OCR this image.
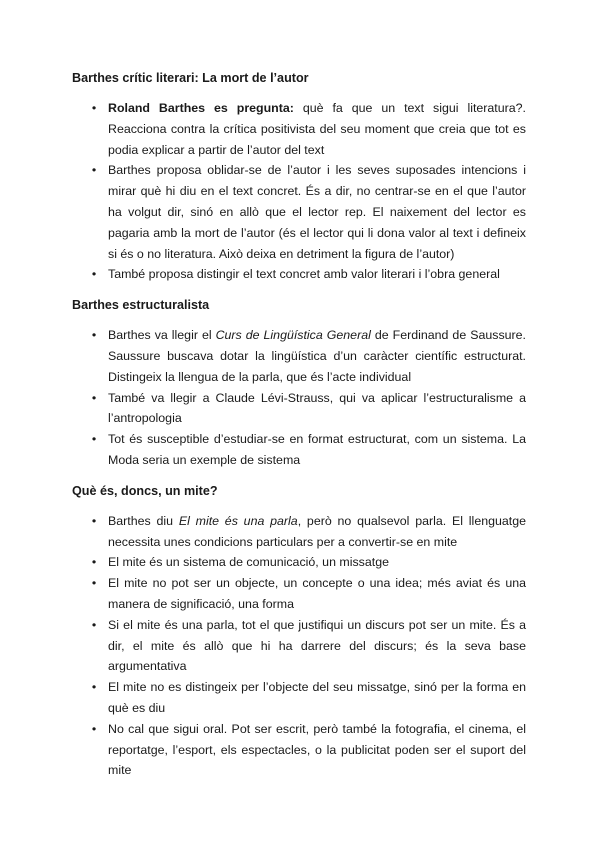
Barthes crític literari: La mort de l’autor
• Roland Barthes es pregunta: què fa que un text sigui literatura?. Reacciona contra la crítica positivista del seu moment que creia que tot es podia explicar a partir de l’autor del text
• Barthes proposa oblidar-se de l’autor i les seves suposades intencions i mirar què hi diu en el text concret. És a dir, no centrar-se en el que l’autor ha volgut dir, sinó en allò que el lector rep. El naixement del lector es pagaria amb la mort de l’autor (és el lector qui li dona valor al text i defineix si és o no literatura. Això deixa en detriment la figura de l’autor)
• També proposa distingir el text concret amb valor literari i l’obra general
Barthes estructuralista
• Barthes va llegir el Curs de Lingüística General de Ferdinand de Saussure. Saussure buscava dotar la lingüística d’un caràcter científic estructurat. Distingeix la llengua de la parla, que és l’acte individual
• També va llegir a Claude Lévi-Strauss, qui va aplicar l’estructuralisme a l’antropologia
• Tot és susceptible d’estudiar-se en format estructurat, com un sistema. La Moda seria un exemple de sistema
Què és, doncs, un mite?
• Barthes diu El mite és una parla, però no qualsevol parla. El llenguatge necessita unes condicions particulars per a convertir-se en mite
• El mite és un sistema de comunicació, un missatge
• El mite no pot ser un objecte, un concepte o una idea; més aviat és una manera de significació, una forma
• Si el mite és una parla, tot el que justifiqui un discurs pot ser un mite. És a dir, el mite és allò que hi ha darrere del discurs; és la seva base argumentativa
• El mite no es distingeix per l’objecte del seu missatge, sinó per la forma en què es diu
• No cal que sigui oral. Pot ser escrit, però també la fotografia, el cinema, el reportatge, l’esport, els espectacles, o la publicitat poden ser el suport del mite
